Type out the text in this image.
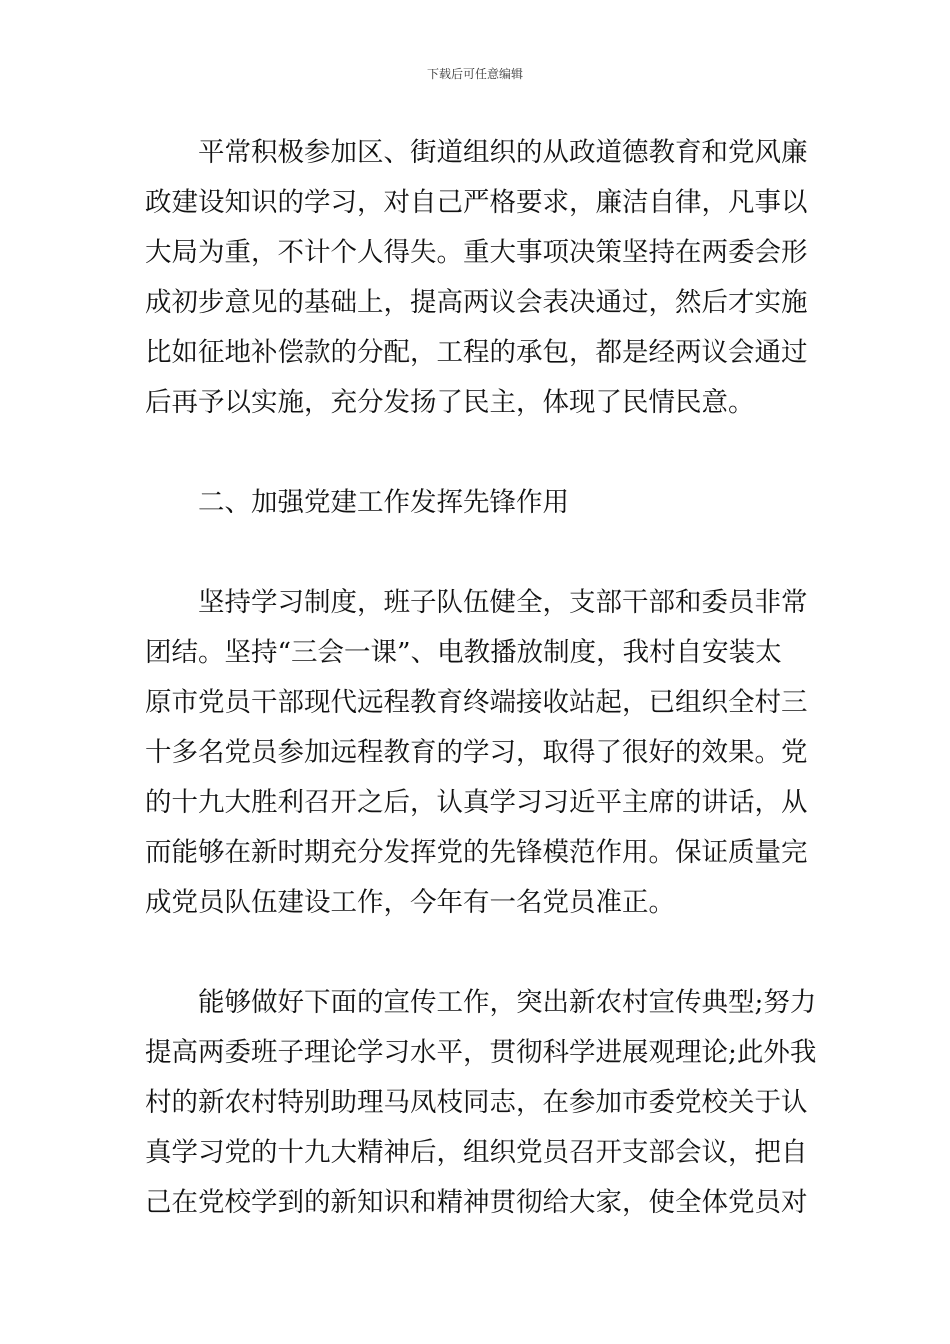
下载后可任意编辑

平常积极参加区、街道组织的从政道德教育和党风廉
政建设知识的学习，对自己严格要求，廉洁自律，凡事以
大局为重，不计个人得失。重大事项决策坚持在两委会形
成初步意见的基础上，提高两议会表决通过，然后才实施
比如征地补偿款的分配，工程的承包，都是经两议会通过
后再予以实施，充分发扬了民主，体现了民情民意。

二、加强党建工作发挥先锋作用

坚持学习制度，班子队伍健全，支部干部和委员非常
团结。坚持“三会一课”、电教播放制度，我村自安装太
原市党员干部现代远程教育终端接收站起，已组织全村三
十多名党员参加远程教育的学习，取得了很好的效果。党
的十九大胜利召开之后，认真学习习近平主席的讲话，从
而能够在新时期充分发挥党的先锋模范作用。保证质量完
成党员队伍建设工作，今年有一名党员准正。

能够做好下面的宣传工作，突出新农村宣传典型;努力
提高两委班子理论学习水平，贯彻科学进展观理论;此外我
村的新农村特别助理马凤枝同志，在参加市委党校关于认
真学习党的十九大精神后，组织党员召开支部会议，把自
己在党校学到的新知识和精神贯彻给大家，使全体党员对
